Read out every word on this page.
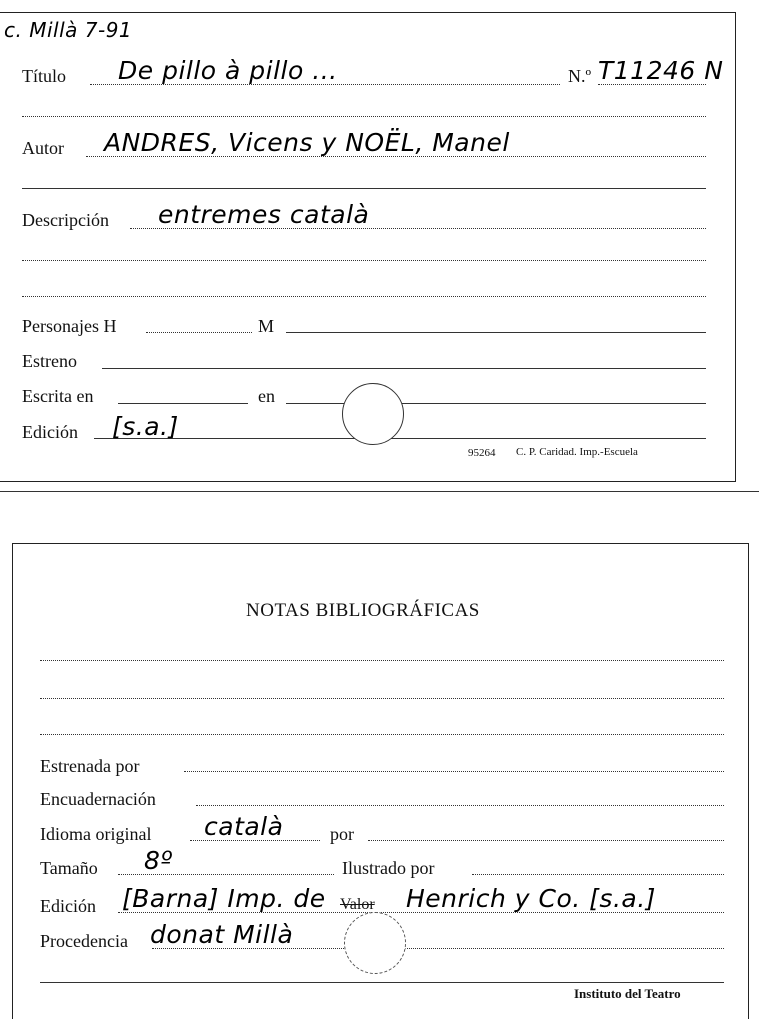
c. Millà 7-91
Título De pillo à pillo ...	N.º T11246 N
Autor ANDRES, Vicens y NOËL, Manel
Descripción entremes català
Personajes H	M
Estreno
Escrita en	en
Edición [s.a.]
95264 C. P. Caridad. Imp.-Escuela
NOTAS BIBLIOGRÁFICAS
Estrenada por
Encuadernación
Idioma original català	por
Tamaño 8º	Ilustrado por
Edición [Barna] Imp. de Valor Henrich y Co. [s.a.]
Procedencia donat Millà
Instituto del Teatro
